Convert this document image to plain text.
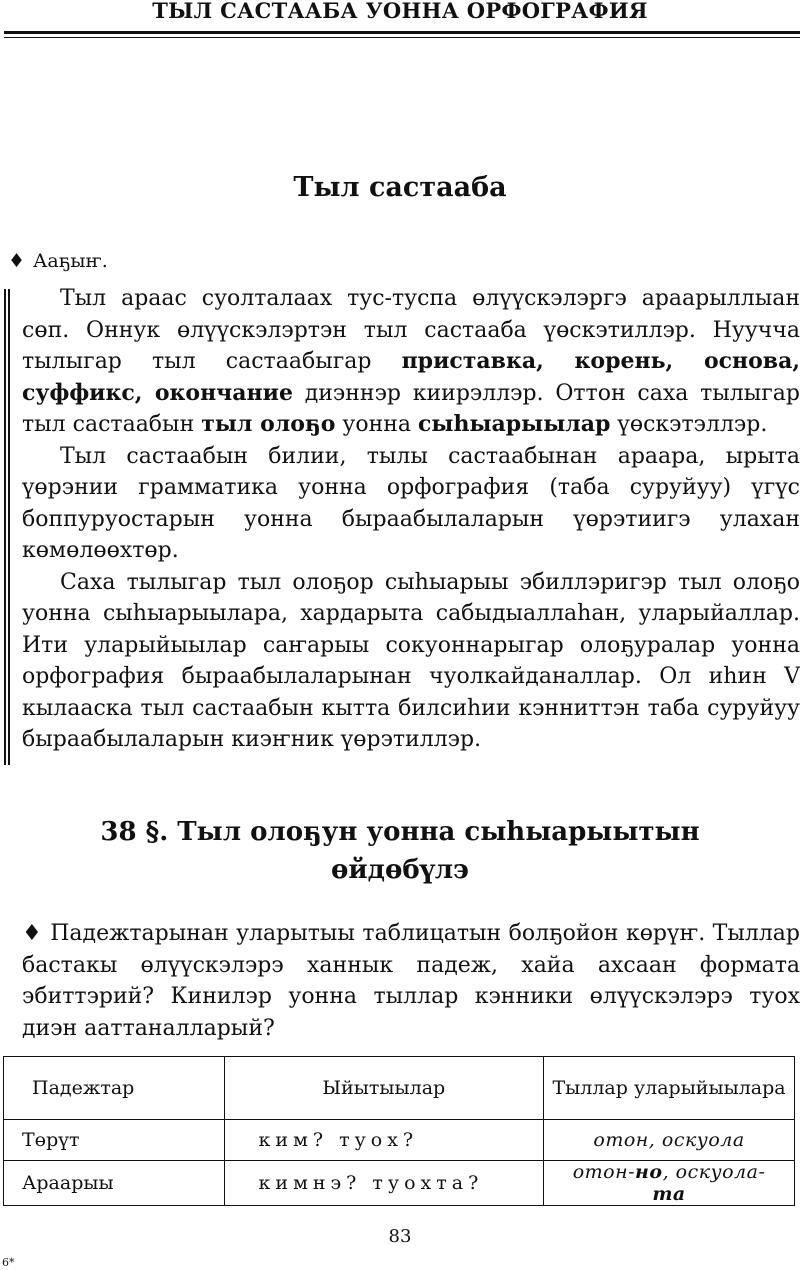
ТЫЛ САСТААБА УОННА ОРФОГРАФИЯ
Тыл састааба
♦ Ааҕыҥ.

Тыл араас суолталаах тус-туспа өлүүскэлэргэ араарыллыан сөп. Оннук өлүүскэлэртэн тыл састааба үөскэтиллэр. Нуучча тылыгар тыл састаабыгар приставка, корень, основа, суффикс, окончание диэннэр киирэллэр. Оттон саха тылыгар тыл састаабын тыл олоҕо уонна сыһыарыылар үөскэтэллэр.

Тыл састаабын билии, тылы састаабынан араара, ырыта үөрэнии грамматика уонна орфография (таба суруйуу) үгүс боппуруостарын уонна быраабылаларын үөрэтиигэ улахан көмөлөөхтөр.

Саха тылыгар тыл олоҕор сыһыарыы эбиллэригэр тыл олоҕо уонна сыһыарыылара, хардарыта сабыдыаллаһан, уларыйаллар. Ити уларыйыылар саҥарыы сокуоннарыгар олоҕуралар уонна орфография быраабылаларынан чуолкайданаллар. Ол иһин V кылааска тыл састаабын кытта билсиһии кэнниттэн таба суруйуу быраабылаларын киэҥник үөрэтиллэр.

38 §. Тыл олоҕун уонна сыһыарыытын
өйдөбүлэ
♦ Падежтарынан уларытыы таблицатын болҕойон көрүҥ. Тыллар бастакы өлүүскэлэрэ ханнык падеж, хайа ахсаан формата эбиттэрий? Кинилэр уонна тыллар кэнники өлүүскэлэрэ туох диэн ааттаналларый?
Падежтар	Ыйытыылар	Тыллар уларыйыылара
Төрүт	ким? туох?	отон, оскуола
Араарыы	кимнэ? туохта?	отон-но, оскуола-та
83
6*
